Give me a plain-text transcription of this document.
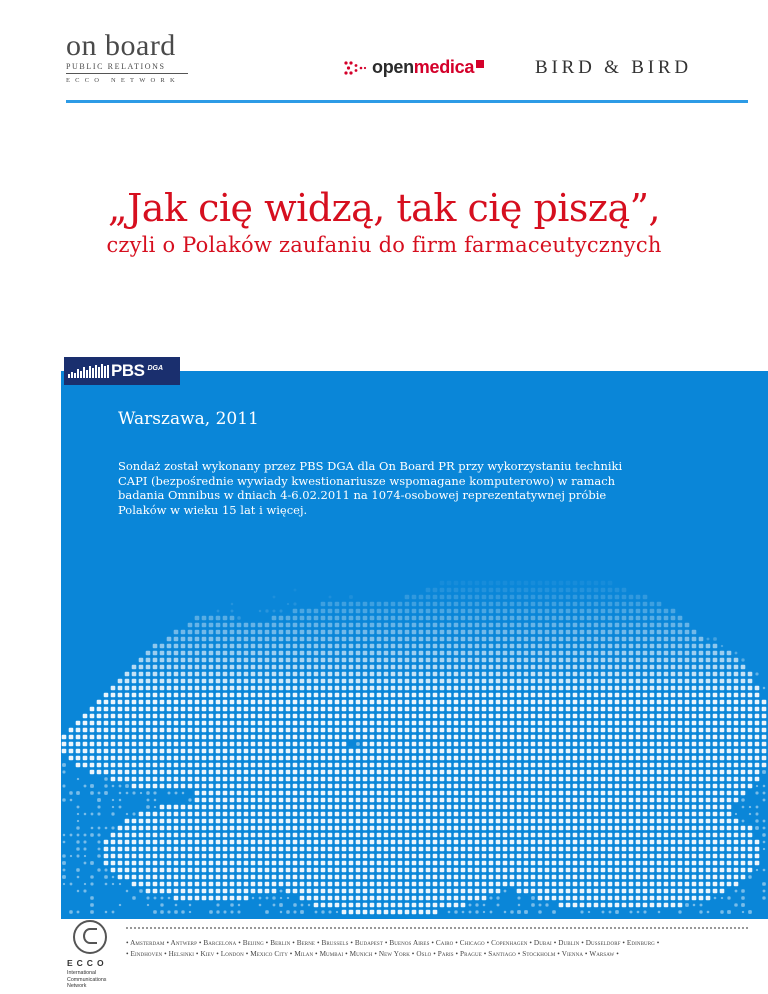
on board
PUBLIC RELATIONS
ECCO NETWORK
open medica	BIRD & BIRD
„Jak cię widzą, tak cię piszą”,
czyli o Polaków zaufaniu do firm farmaceutycznych
PBS DGA
Warszawa, 2011
Sondaż został wykonany przez PBS DGA dla On Board PR przy wykorzystaniu techniki CAPI (bezpośrednie wywiady kwestionariusze wspomagane komputerowo) w ramach badania Omnibus w dniach 4-6.02.2011 na 1074-osobowej reprezentatywnej próbie Polaków w wieku 15 lat i więcej.
ECCO
International Communications Network
• Amsterdam • Antwerp • Barcelona • Beijing • Berlin • Berne • Brussels • Budapest • Buenos Aires • Cairo • Chicago • Copenhagen • Dubai • Dublin • Dusseldorf • Edinburg •
• Eindhoven • Helsinki • Kiev • London • Mexico City • Milan • Mumbai • Munich • New York • Oslo • Paris • Prague • Santiago • Stockholm • Vienna • Warsaw •
